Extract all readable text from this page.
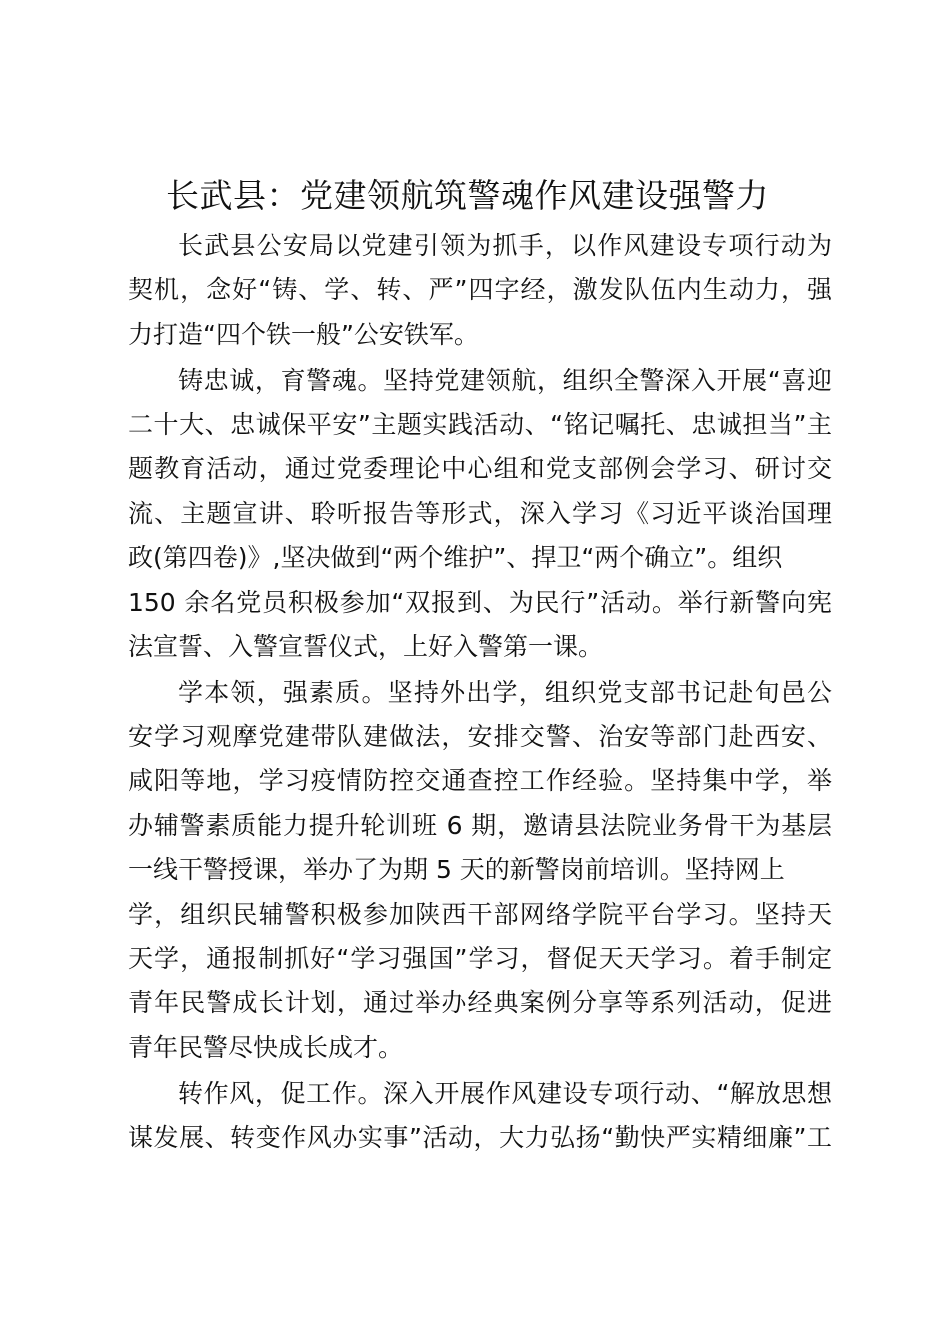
长武县：党建领航筑警魂作风建设强警力

长武县公安局以党建引领为抓手，以作风建设专项行动为
契机，念好“铸、学、转、严”四字经，激发队伍内生动力，强
力打造“四个铁一般”公安铁军。

铸忠诚，育警魂。坚持党建领航，组织全警深入开展“喜迎
二十大、忠诚保平安”主题实践活动、“铭记嘱托、忠诚担当”主
题教育活动，通过党委理论中心组和党支部例会学习、研讨交
流、主题宣讲、聆听报告等形式，深入学习《习近平谈治国理
政(第四卷)》,坚决做到“两个维护”、捍卫“两个确立”。组织
150 余名党员积极参加“双报到、为民行”活动。举行新警向宪
法宣誓、入警宣誓仪式，上好入警第一课。

学本领，强素质。坚持外出学，组织党支部书记赴旬邑公
安学习观摩党建带队建做法，安排交警、治安等部门赴西安、
咸阳等地，学习疫情防控交通查控工作经验。坚持集中学，举
办辅警素质能力提升轮训班 6 期，邀请县法院业务骨干为基层
一线干警授课，举办了为期 5 天的新警岗前培训。坚持网上
学，组织民辅警积极参加陕西干部网络学院平台学习。坚持天
天学，通报制抓好“学习强国”学习，督促天天学习。着手制定
青年民警成长计划，通过举办经典案例分享等系列活动，促进
青年民警尽快成长成才。

转作风，促工作。深入开展作风建设专项行动、“解放思想
谋发展、转变作风办实事”活动，大力弘扬“勤快严实精细廉”工
